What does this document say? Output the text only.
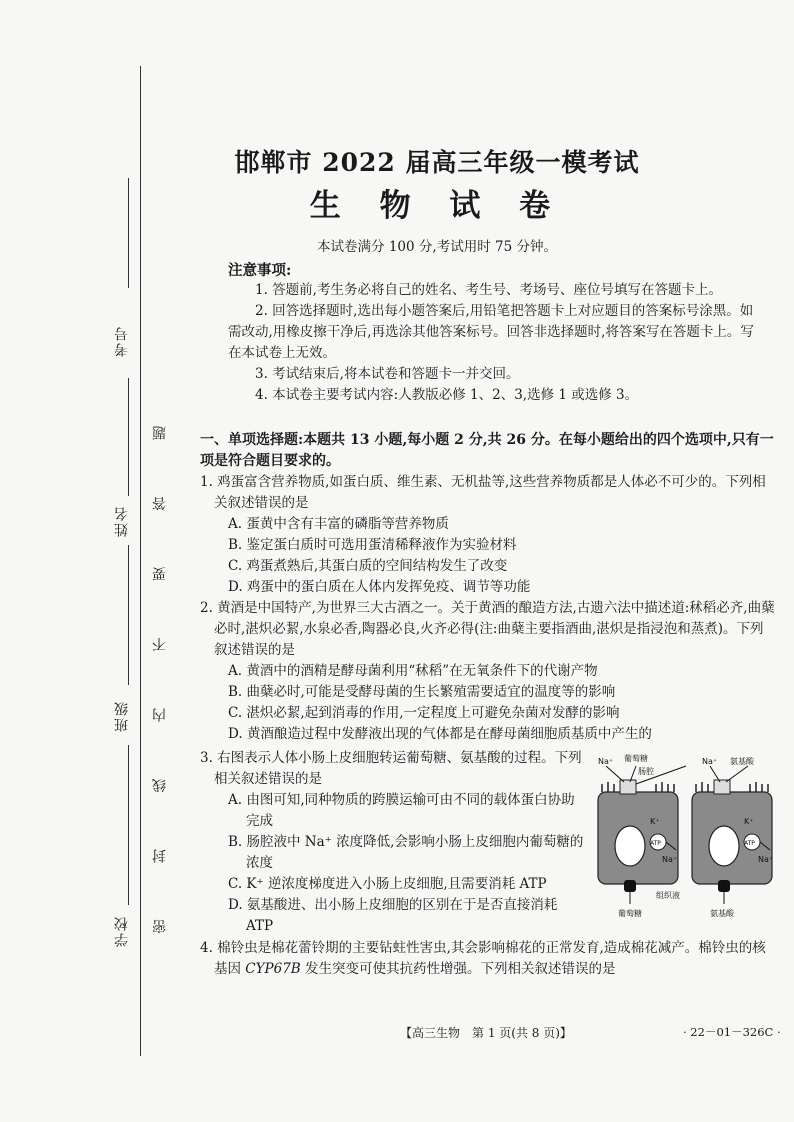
考号
姓名
班级
学校 密 封 线 内 不 要 答 题
邯郸市 2022 届高三年级一模考试
生 物 试 卷
本试卷满分 100 分,考试用时 75 分钟。
注意事项:
1. 答题前,考生务必将自己的姓名、考生号、考场号、座位号填写在答题卡上。
2. 回答选择题时,选出每小题答案后,用铅笔把答题卡上对应题目的答案标号涂黑。如需改动,用橡皮擦干净后,再选涂其他答案标号。回答非选择题时,将答案写在答题卡上。写在本试卷上无效。
3. 考试结束后,将本试卷和答题卡一并交回。
4. 本试卷主要考试内容:人教版必修 1、2、3,选修 1 或选修 3。
一、单项选择题:本题共 13 小题,每小题 2 分,共 26 分。在每小题给出的四个选项中,只有一项是符合题目要求的。
1. 鸡蛋富含营养物质,如蛋白质、维生素、无机盐等,这些营养物质都是人体必不可少的。下列相关叙述错误的是
A. 蛋黄中含有丰富的磷脂等营养物质
B. 鉴定蛋白质时可选用蛋清稀释液作为实验材料
C. 鸡蛋煮熟后,其蛋白质的空间结构发生了改变
D. 鸡蛋中的蛋白质在人体内发挥免疫、调节等功能
2. 黄酒是中国特产,为世界三大古酒之一。关于黄酒的酿造方法,古遗六法中描述道:秫稻必齐,曲蘖必时,湛炽必絜,水泉必香,陶器必良,火齐必得(注:曲蘖主要指酒曲,湛炽是指浸泡和蒸煮)。下列叙述错误的是
A. 黄酒中的酒精是酵母菌利用“秫稻”在无氧条件下的代谢产物
B. 曲蘖必时,可能是受酵母菌的生长繁殖需要适宜的温度等的影响
C. 湛炽必絜,起到消毒的作用,一定程度上可避免杂菌对发酵的影响
D. 黄酒酿造过程中发酵液出现的气体都是在酵母菌细胞质基质中产生的
3. 右图表示人体小肠上皮细胞转运葡萄糖、氨基酸的过程。下列相关叙述错误的是
A. 由图可知,同种物质的跨膜运输可由不同的载体蛋白协助完成
B. 肠腔液中 Na⁺ 浓度降低,会影响小肠上皮细胞内葡萄糖的浓度
C. K⁺ 逆浓度梯度进入小肠上皮细胞,且需要消耗 ATP
D. 氨基酸进、出小肠上皮细胞的区别在于是否直接消耗 ATP
Na⁺ 葡萄糖
肠腔
Na⁺ 氨基酸
K⁺	K⁺
ATP	ATP
Na⁺	Na⁺
组织液
葡萄糖	氨基酸
4. 棉铃虫是棉花蕾铃期的主要钻蛀性害虫,其会影响棉花的正常发育,造成棉花减产。棉铃虫的核基因 CYP67B 发生突变可使其抗药性增强。下列相关叙述错误的是
【高三生物　第 1 页(共 8 页)】	· 22－01－326C ·
